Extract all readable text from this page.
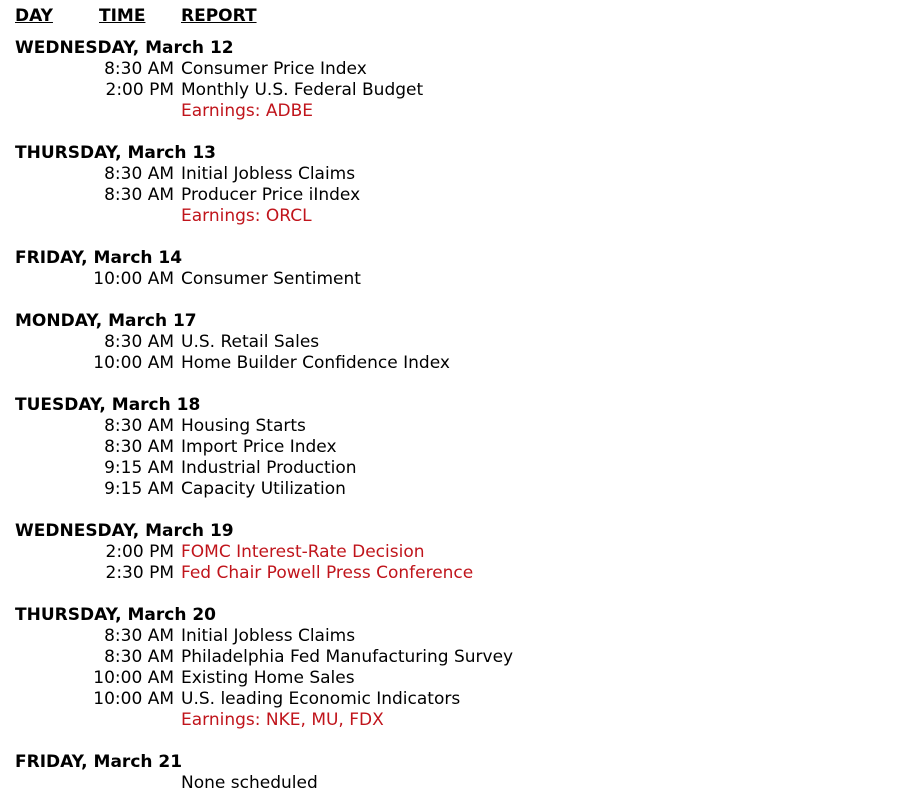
DAY	TIME REPORT
WEDNESDAY, March 12
8:30 AM Consumer Price Index
2:00 PM Monthly U.S. Federal Budget
Earnings: ADBE
THURSDAY, March 13
8:30 AM Initial Jobless Claims
8:30 AM Producer Price iIndex
Earnings: ORCL
FRIDAY, March 14
10:00 AM Consumer Sentiment
MONDAY, March 17
8:30 AM U.S. Retail Sales
10:00 AM Home Builder Confidence Index
TUESDAY, March 18
8:30 AM Housing Starts
8:30 AM Import Price Index
9:15 AM Industrial Production
9:15 AM Capacity Utilization
WEDNESDAY, March 19
2:00 PM FOMC Interest-Rate Decision
2:30 PM Fed Chair Powell Press Conference
THURSDAY, March 20
8:30 AM Initial Jobless Claims
8:30 AM Philadelphia Fed Manufacturing Survey
10:00 AM Existing Home Sales
10:00 AM U.S. leading Economic Indicators
Earnings: NKE, MU, FDX
FRIDAY, March 21
None scheduled
